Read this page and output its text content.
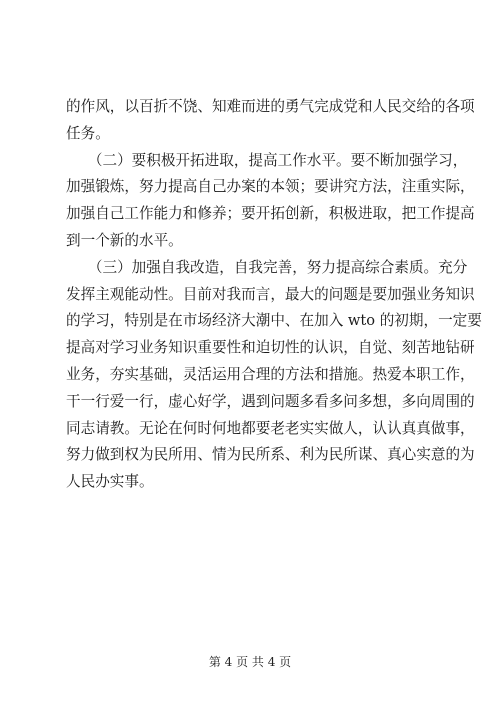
的作风，以百折不饶、知难而进的勇气完成党和人民交给的各项
任务。
　　（二）要积极开拓进取，提高工作水平。要不断加强学习，
加强锻炼，努力提高自己办案的本领；要讲究方法，注重实际，
加强自己工作能力和修养；要开拓创新，积极进取，把工作提高
到一个新的水平。
　　（三）加强自我改造，自我完善，努力提高综合素质。充分
发挥主观能动性。目前对我而言，最大的问题是要加强业务知识
的学习，特别是在市场经济大潮中、在加入 wto 的初期，一定要
提高对学习业务知识重要性和迫切性的认识，自觉、刻苦地钻研
业务，夯实基础，灵活运用合理的方法和措施。热爱本职工作，
干一行爱一行，虚心好学，遇到问题多看多问多想，多向周围的
同志请教。无论在何时何地都要老老实实做人，认认真真做事，
努力做到权为民所用、情为民所系、利为民所谋、真心实意的为
人民办实事。
第 4 页 共 4 页
